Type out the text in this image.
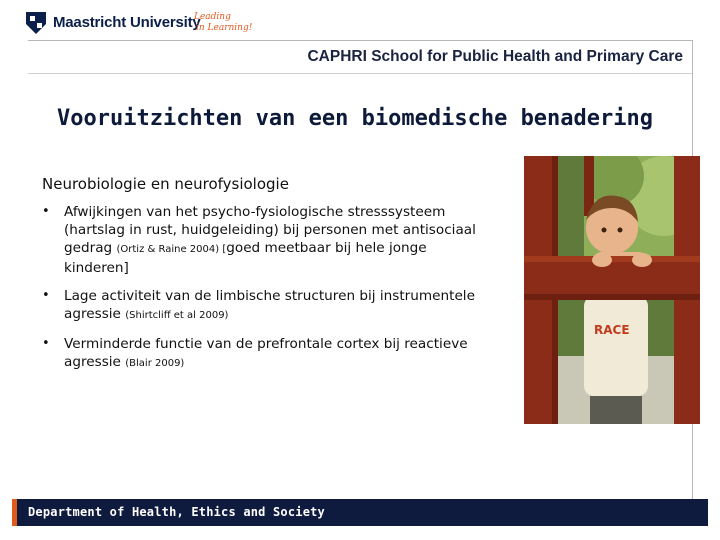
Maastricht University
Leading
in Learning!
CAPHRI School for Public Health and Primary Care
Vooruitzichten van een biomedische benadering
Neurobiologie en neurofysiologie
• Afwijkingen van het psycho-fysiologische stresssysteem (hartslag in rust, huidgeleiding) bij personen met antisociaal gedrag (Ortiz & Raine 2004) [goed meetbaar bij hele jonge kinderen]
• Lage activiteit van de limbische structuren bij instrumentele agressie (Shirtcliff et al 2009)
• Verminderde functie van de prefrontale cortex bij reactieve agressie (Blair 2009)
RACE
Department of Health, Ethics and Society
